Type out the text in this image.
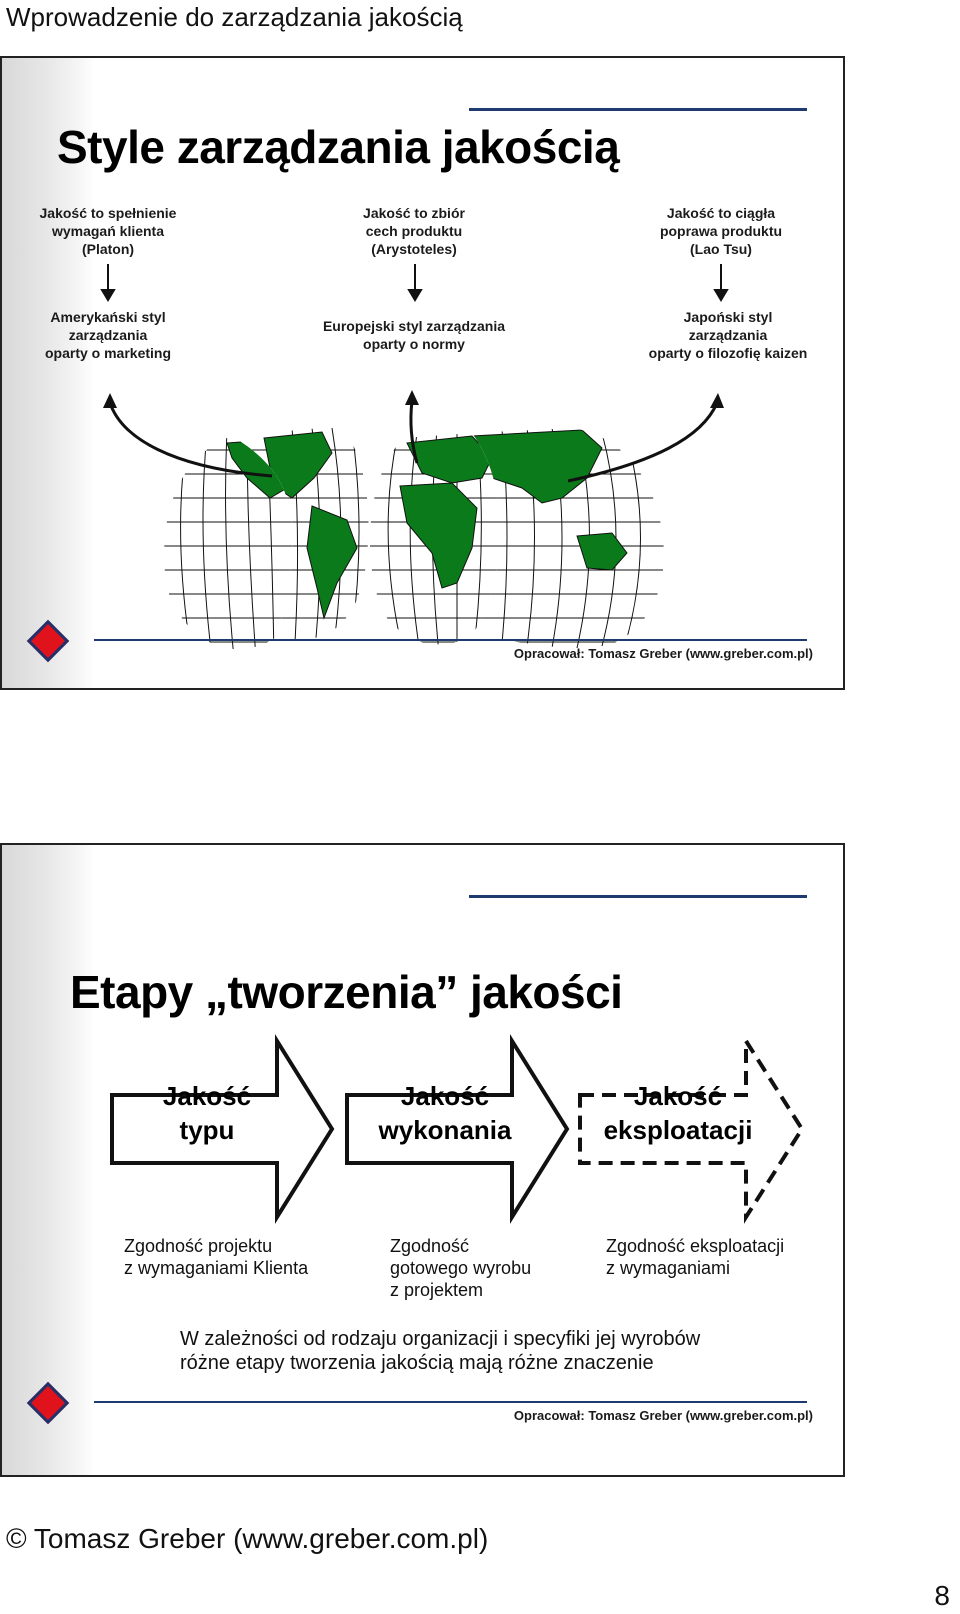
Wprowadzenie do zarządzania jakością
Style zarządzania jakością
Jakość to spełnienie
wymagań klienta
(Platon)
Jakość to zbiór
cech produktu
(Arystoteles)
Jakość to ciągła
poprawa produktu
(Lao Tsu)
Amerykański styl
zarządzania
oparty o marketing
Europejski styl zarządzania
oparty o normy
Japoński styl
zarządzania
oparty o filozofię kaizen
Opracował: Tomasz Greber (www.greber.com.pl)
Etapy „tworzenia” jakości
Jakość
typu
Jakość
wykonania
Jakość
eksploatacji
Zgodność projektu
z wymaganiami Klienta
Zgodność
gotowego wyrobu
z projektem
Zgodność eksploatacji
z wymaganiami
W zależności od rodzaju organizacji i specyfiki jej wyrobów
różne etapy tworzenia jakością mają różne znaczenie
Opracował: Tomasz Greber (www.greber.com.pl)
© Tomasz Greber (www.greber.com.pl)
8
